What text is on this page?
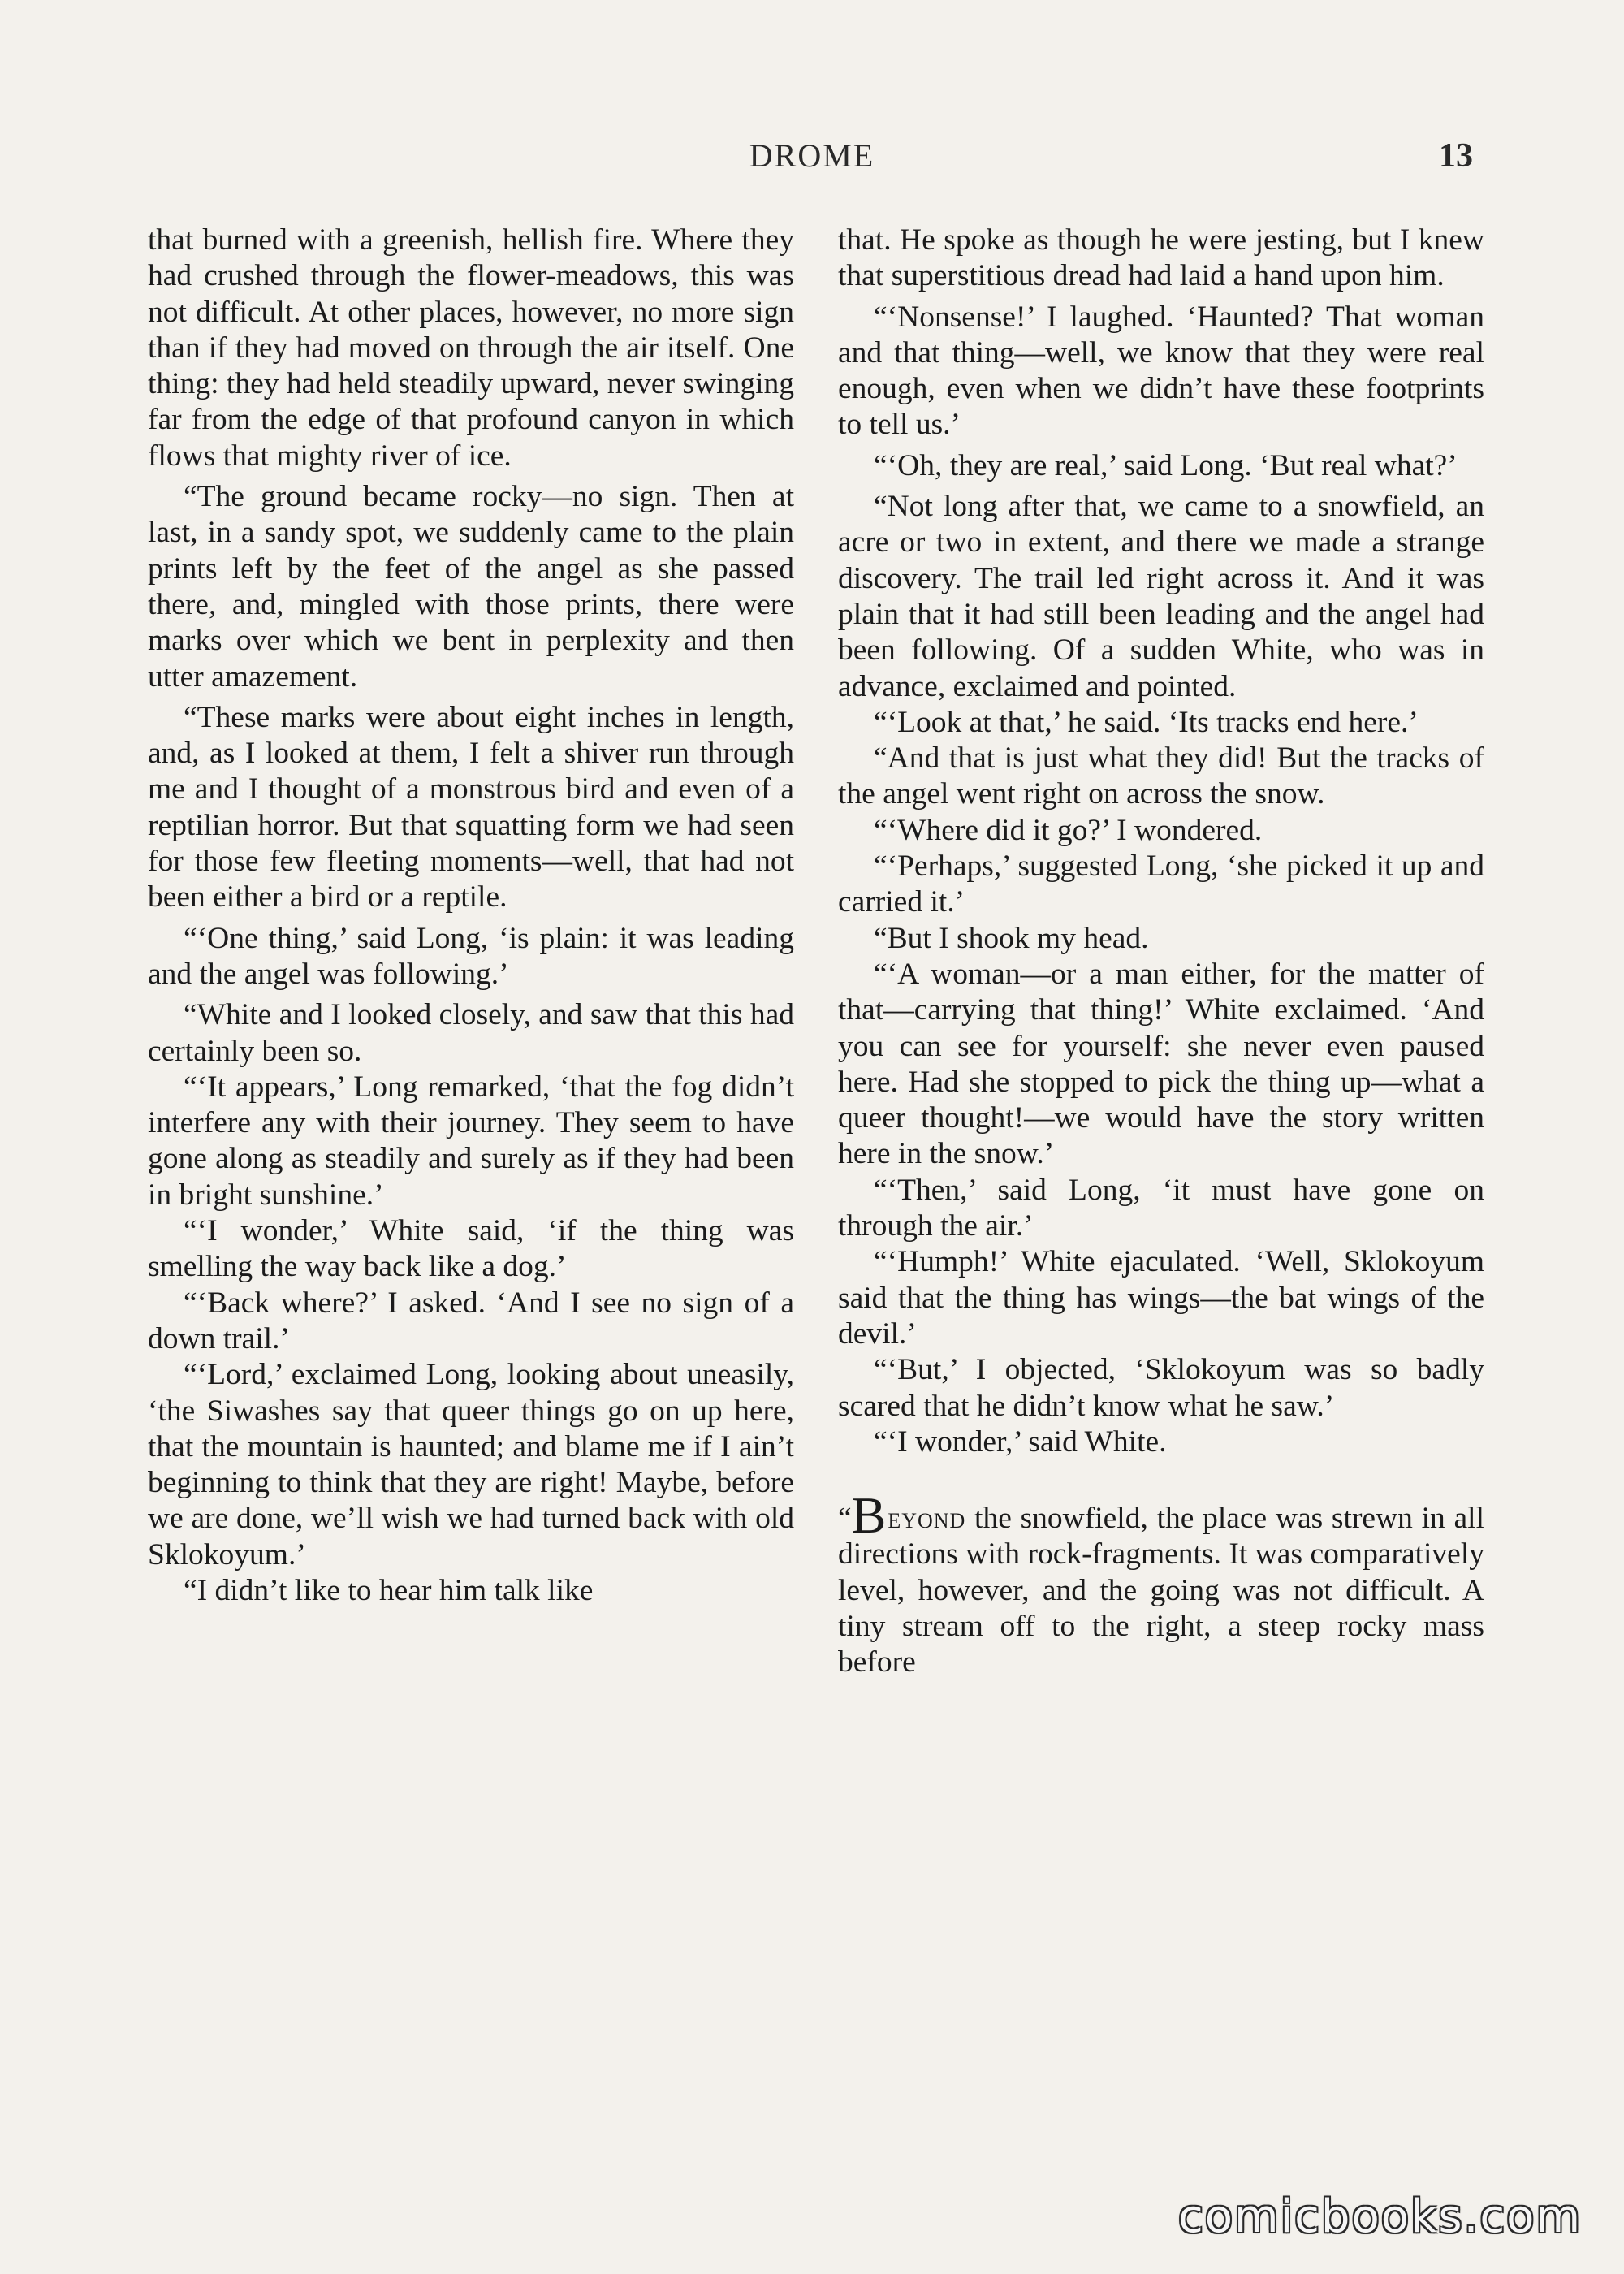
DROME	13

that burned with a greenish, hellish fire. Where they had crushed through the flower-meadows, this was not difficult. At other places, however, no more sign than if they had moved on through the air itself. One thing: they had held steadily upward, never swinging far from the edge of that profound canyon in which flows that mighty river of ice.

“The ground became rocky—no sign. Then at last, in a sandy spot, we suddenly came to the plain prints left by the feet of the angel as she passed there, and, mingled with those prints, there were marks over which we bent in perplexity and then utter amazement.

“These marks were about eight inches in length, and, as I looked at them, I felt a shiver run through me and I thought of a monstrous bird and even of a reptilian horror. But that squatting form we had seen for those few fleeting moments—well, that had not been either a bird or a reptile.

“‘One thing,’ said Long, ‘is plain: it was leading and the angel was following.’

“White and I looked closely, and saw that this had certainly been so.

“‘It appears,’ Long remarked, ‘that the fog didn’t interfere any with their journey. They seem to have gone along as steadily and surely as if they had been in bright sunshine.’

“‘I wonder,’ White said, ‘if the thing was smelling the way back like a dog.’

“‘Back where?’ I asked. ‘And I see no sign of a down trail.’

“‘Lord,’ exclaimed Long, looking about uneasily, ‘the Siwashes say that queer things go on up here, that the mountain is haunted; and blame me if I ain’t beginning to think that they are right! Maybe, before we are done, we’ll wish we had turned back with old Sklokoyum.’

“I didn’t like to hear him talk like

that. He spoke as though he were jesting, but I knew that superstitious dread had laid a hand upon him.

“‘Nonsense!’ I laughed. ‘Haunted? That woman and that thing—well, we know that they were real enough, even when we didn’t have these footprints to tell us.’

“‘Oh, they are real,’ said Long. ‘But real what?’

“Not long after that, we came to a snowfield, an acre or two in extent, and there we made a strange discovery. The trail led right across it. And it was plain that it had still been leading and the angel had been following. Of a sudden White, who was in advance, exclaimed and pointed.

“‘Look at that,’ he said. ‘Its tracks end here.’

“And that is just what they did! But the tracks of the angel went right on across the snow.

“‘Where did it go?’ I wondered.

“‘Perhaps,’ suggested Long, ‘she picked it up and carried it.’

“But I shook my head.

“‘A woman—or a man either, for the matter of that—carrying that thing!’ White exclaimed. ‘And you can see for yourself: she never even paused here. Had she stopped to pick the thing up—what a queer thought!—we would have the story written here in the snow.’

“‘Then,’ said Long, ‘it must have gone on through the air.’

“‘Humph!’ White ejaculated. ‘Well, Sklokoyum said that the thing has wings—the bat wings of the devil.’

“‘But,’ I objected, ‘Sklokoyum was so badly scared that he didn’t know what he saw.’

“‘I wonder,’ said White.

“Beyond the snowfield, the place was strewn in all directions with rock-fragments. It was comparatively level, however, and the going was not difficult. A tiny stream off to the right, a steep rocky mass before

comicbooks.com
